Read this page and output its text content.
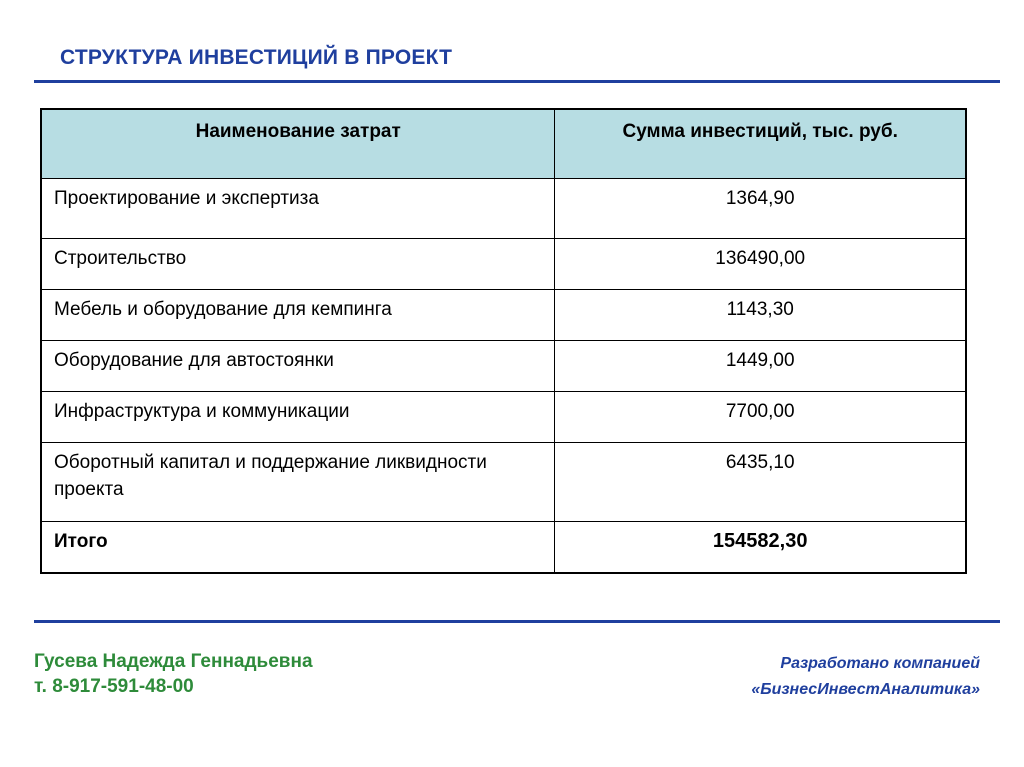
СТРУКТУРА ИНВЕСТИЦИЙ В ПРОЕКТ
Наименование затрат	Сумма инвестиций, тыс. руб.
Проектирование и экспертиза	1364,90
Строительство	136490,00
Мебель и оборудование для кемпинга	1143,30
Оборудование для автостоянки	1449,00
Инфраструктура и коммуникации	7700,00
Оборотный капитал и поддержание ликвидности проекта	6435,10
Итого	154582,30
Гусева Надежда Геннадьевна
т. 8-917-591-48-00
Разработано компанией
«БизнесИнвестАналитика»
